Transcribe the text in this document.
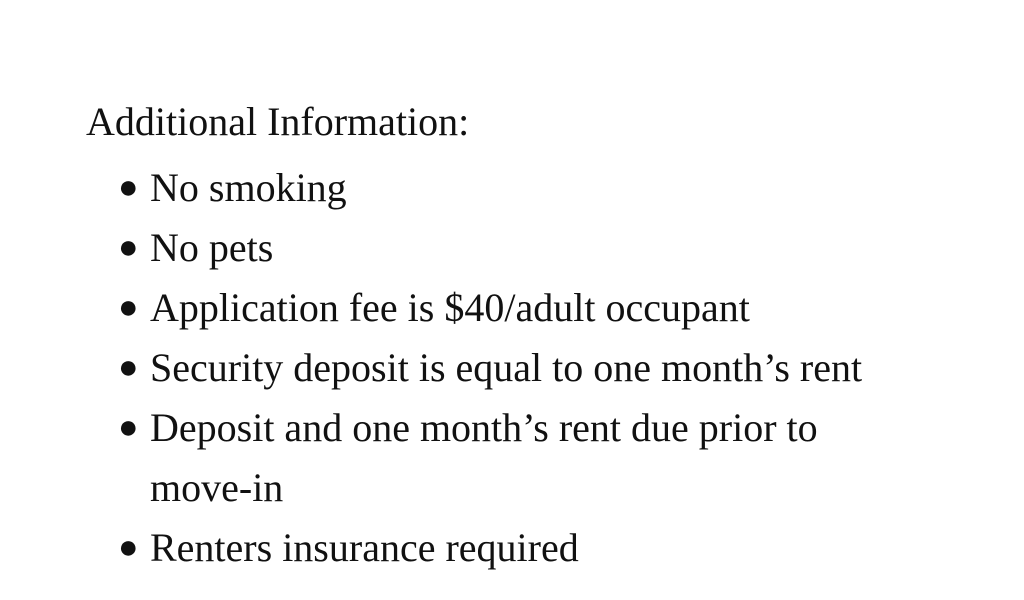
Additional Information:
● No smoking
● No pets
● Application fee is $40/adult occupant
● Security deposit is equal to one month’s rent
● Deposit and one month’s rent due prior to move-in
● Renters insurance required
